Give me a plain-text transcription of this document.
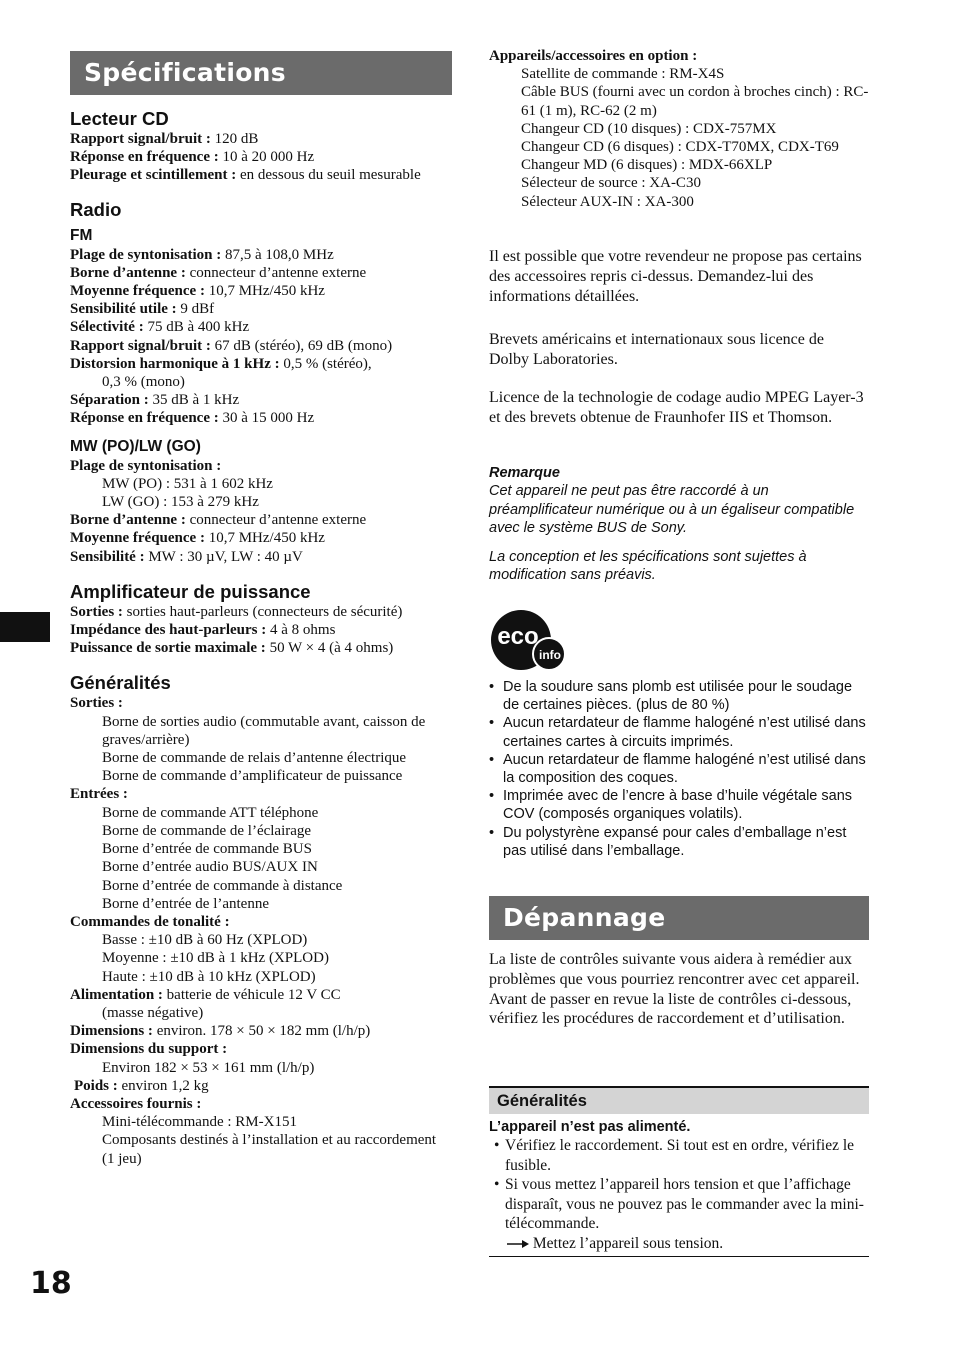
18
Spécifications
Lecteur CD
Rapport signal/bruit : 120 dB
Réponse en fréquence : 10 à 20 000 Hz
Pleurage et scintillement : en dessous du seuil mesurable
Radio
FM
Plage de syntonisation : 87,5 à 108,0 MHz
Borne d’antenne : connecteur d’antenne externe
Moyenne fréquence : 10,7 MHz/450 kHz
Sensibilité utile : 9 dBf
Sélectivité : 75 dB à 400 kHz
Rapport signal/bruit : 67 dB (stéréo), 69 dB (mono)
Distorsion harmonique à 1 kHz : 0,5 % (stéréo),
0,3 % (mono)
Séparation : 35 dB à 1 kHz
Réponse en fréquence : 30 à 15 000 Hz
MW (PO)/LW (GO)
Plage de syntonisation :
MW (PO) : 531 à 1 602 kHz
LW (GO) : 153 à 279 kHz
Borne d’antenne : connecteur d’antenne externe
Moyenne fréquence : 10,7 MHz/450 kHz
Sensibilité : MW : 30 µV, LW : 40 µV
Amplificateur de puissance
Sorties : sorties haut-parleurs (connecteurs de sécurité)
Impédance des haut-parleurs : 4 à 8 ohms
Puissance de sortie maximale : 50 W × 4 (à 4 ohms)
Généralités
Sorties :
Borne de sorties audio (commutable avant, caisson de graves/arrière)
Borne de commande de relais d’antenne électrique
Borne de commande d’amplificateur de puissance
Entrées :
Borne de commande ATT téléphone
Borne de commande de l’éclairage
Borne d’entrée de commande BUS
Borne d’entrée audio BUS/AUX IN
Borne d’entrée de commande à distance
Borne d’entrée de l’antenne
Commandes de tonalité :
Basse : ±10 dB à 60 Hz (XPLOD)
Moyenne : ±10 dB à 1 kHz (XPLOD)
Haute : ±10 dB à 10 kHz (XPLOD)
Alimentation : batterie de véhicule 12 V CC
(masse négative)
Dimensions : environ. 178 × 50 × 182 mm (l/h/p)
Dimensions du support :
Environ 182 × 53 × 161 mm (l/h/p)
Poids : environ 1,2 kg
Accessoires fournis :
Mini-télécommande : RM-X151
Composants destinés à l’installation et au raccordement (1 jeu)
Appareils/accessoires en option :
Satellite de commande : RM-X4S
Câble BUS (fourni avec un cordon à broches cinch) : RC-61 (1 m), RC-62 (2 m)
Changeur CD (10 disques) : CDX-757MX
Changeur CD (6 disques) : CDX-T70MX, CDX-T69
Changeur MD (6 disques) : MDX-66XLP
Sélecteur de source : XA-C30
Sélecteur AUX-IN : XA-300
Il est possible que votre revendeur ne propose pas certains des accessoires repris ci-dessus. Demandez-lui des informations détaillées.
Brevets américains et internationaux sous licence de Dolby Laboratories.
Licence de la technologie de codage audio MPEG Layer-3 et des brevets obtenue de Fraunhofer IIS et Thomson.
Remarque
Cet appareil ne peut pas être raccordé à un préamplificateur numérique ou à un égaliseur compatible avec le système BUS de Sony.
La conception et les spécifications sont sujettes à modification sans préavis.
eco
info
• De la soudure sans plomb est utilisée pour le soudage de certaines pièces. (plus de 80 %)
• Aucun retardateur de flamme halogéné n’est utilisé dans certaines cartes à circuits imprimés.
• Aucun retardateur de flamme halogéné n’est utilisé dans la composition des coques.
• Imprimée avec de l’encre à base d’huile végétale sans COV (composés organiques volatils).
• Du polystyrène expansé pour cales d’emballage n’est pas utilisé dans l’emballage.
Dépannage
La liste de contrôles suivante vous aidera à remédier aux problèmes que vous pourriez rencontrer avec cet appareil.
Avant de passer en revue la liste de contrôles ci-dessous, vérifiez les procédures de raccordement et d’utilisation.
Généralités
L’appareil n’est pas alimenté.
• Vérifiez le raccordement. Si tout est en ordre, vérifiez le fusible.
• Si vous mettez l’appareil hors tension et que l’affichage disparaît, vous ne pouvez pas le commander avec la mini-télécommande.
Mettez l’appareil sous tension.
